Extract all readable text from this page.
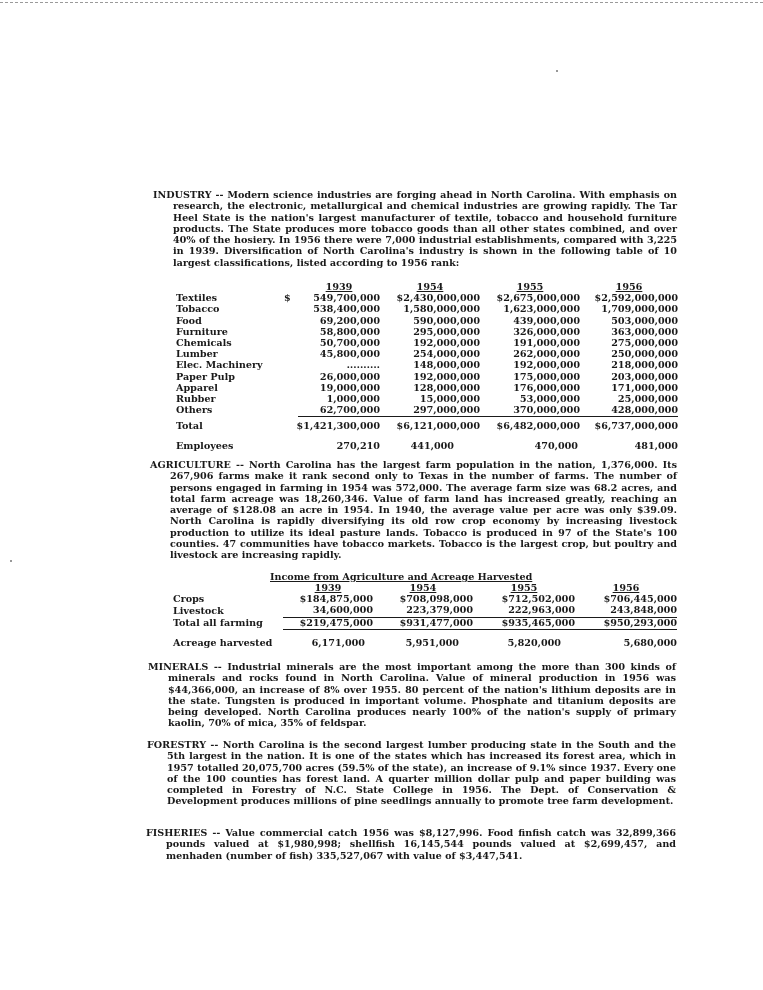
INDUSTRY -- Modern science industries are forging ahead in North Carolina. With emphasis on research, the electronic, metallurgical and chemical industries are growing rapidly. The Tar Heel State is the nation's largest manufacturer of textile, tobacco and household furniture products. The State produces more tobacco goods than all other states combined, and over 40% of the hosiery. In 1956 there were 7,000 industrial establishments, compared with 3,225 in 1939. Diversification of North Carolina's industry is shown in the following table of 10 largest classifications, listed according to 1956 rank:

		1939	1954	1955	1956
Textiles	$	549,700,000	$2,430,000,000	$2,675,000,000	$2,592,000,000
Tobacco		538,400,000	1,580,000,000	1,623,000,000	1,709,000,000
Food		69,200,000	590,000,000	439,000,000	503,000,000
Furniture		58,800,000	295,000,000	326,000,000	363,000,000
Chemicals		50,700,000	192,000,000	191,000,000	275,000,000
Lumber		45,800,000	254,000,000	262,000,000	250,000,000
Elec. Machinery		..........	148,000,000	192,000,000	218,000,000
Paper Pulp		26,000,000	192,000,000	175,000,000	203,000,000
Apparel		19,000,000	128,000,000	176,000,000	171,000,000
Rubber		1,000,000	15,000,000	53,000,000	25,000,000
Others		62,700,000	297,000,000	370,000,000	428,000,000
Total	$1,421,300,000		$6,121,000,000	$6,482,000,000	$6,737,000,000
Employees		270,210	441,000	470,000	481,000

AGRICULTURE -- North Carolina has the largest farm population in the nation, 1,376,000. Its 267,906 farms make it rank second only to Texas in the number of farms. The number of persons engaged in farming in 1954 was 572,000. The average farm size was 68.2 acres, and total farm acreage was 18,260,346. Value of farm land has increased greatly, reaching an average of $128.08 an acre in 1954. In 1940, the average value per acre was only $39.09. North Carolina is rapidly diversifying its old row crop economy by increasing livestock production to utilize its ideal pasture lands. Tobacco is produced in 97 of the State's 100 counties. 47 communities have tobacco markets. Tobacco is the largest crop, but poultry and livestock are increasing rapidly.

Income from Agriculture and Acreage Harvested
	1939	1954	1955	1956
Crops	$184,875,000	$708,098,000	$712,502,000	$706,445,000
Livestock	34,600,000	223,379,000	222,963,000	243,848,000
Total all farming	$219,475,000	$931,477,000	$935,465,000	$950,293,000
Acreage harvested	6,171,000	5,951,000	5,820,000	5,680,000

MINERALS -- Industrial minerals are the most important among the more than 300 kinds of minerals and rocks found in North Carolina. Value of mineral production in 1956 was $44,366,000, an increase of 8% over 1955. 80 percent of the nation's lithium deposits are in the state. Tungsten is produced in important volume. Phosphate and titanium deposits are being developed. North Carolina produces nearly 100% of the nation's supply of primary kaolin, 70% of mica, 35% of feldspar.

FORESTRY -- North Carolina is the second largest lumber producing state in the South and the 5th largest in the nation. It is one of the states which has increased its forest area, which in 1957 totalled 20,075,700 acres (59.5% of the state), an increase of 9.1% since 1937. Every one of the 100 counties has forest land. A quarter million dollar pulp and paper building was completed in Forestry of N.C. State College in 1956. The Dept. of Conservation & Development produces millions of pine seedlings annually to promote tree farm development.

FISHERIES -- Value commercial catch 1956 was $8,127,996. Food finfish catch was 32,899,366 pounds valued at $1,980,998; shellfish 16,145,544 pounds valued at $2,699,457, and menhaden (number of fish) 335,527,067 with value of $3,447,541.
